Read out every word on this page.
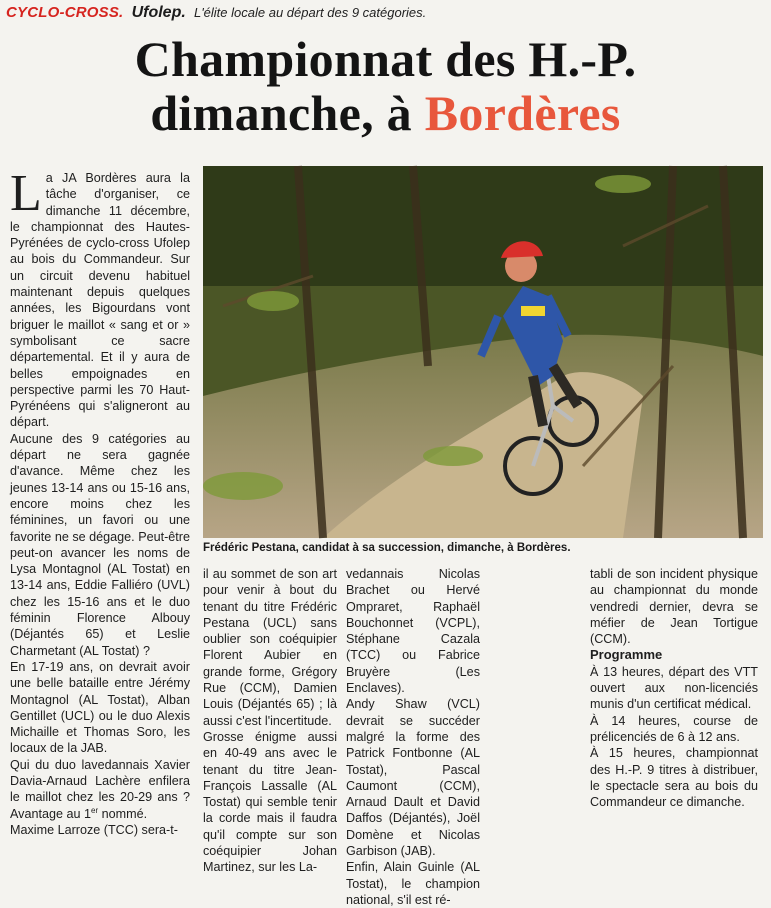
CYCLO-CROSS. Ufolep. L'élite locale au départ des 9 catégories.
Championnat des H.-P.
dimanche, à Bordères

La JA Bordères aura la tâche d'organiser, ce dimanche 11 décembre, le championnat des Hautes-Pyrénées de cyclo-cross Ufolep au bois du Commandeur. Sur un circuit devenu habituel maintenant depuis quelques années, les Bigourdans vont briguer le maillot « sang et or » symbolisant ce sacre départemental. Et il y aura de belles empoignades en perspective parmi les 70 Haut-Pyrénéens qui s'aligneront au départ.

Aucune des 9 catégories au départ ne sera gagnée d'avance. Même chez les jeunes 13-14 ans ou 15-16 ans, encore moins chez les féminines, un favori ou une favorite ne se dégage. Peut-être peut-on avancer les noms de Lysa Montagnol (AL Tostat) en 13-14 ans, Eddie Falliéro (UVL) chez les 15-16 ans et le duo féminin Florence Albouy (Déjantés 65) et Leslie Charmetant (AL Tostat) ?

En 17-19 ans, on devrait avoir une belle bataille entre Jérémy Montagnol (AL Tostat), Alban Gentillet (UCL) ou le duo Alexis Michaille et Thomas Soro, les locaux de la JAB.

Qui du duo lavedannais Xavier Davia-Arnaud Lachère enfilera le maillot chez les 20-29 ans ? Avantage au 1er nommé.

Maxime Larroze (TCC) sera-t-

Frédéric Pestana, candidat à sa succession, dimanche, à Bordères.

il au sommet de son art pour venir à bout du tenant du titre Frédéric Pestana (UCL) sans oublier son coéquipier Florent Aubier en grande forme, Grégory Rue (CCM), Damien Louis (Déjantés 65) ; là aussi c'est l'incertitude.

Grosse énigme aussi en 40-49 ans avec le tenant du titre Jean-François Lassalle (AL Tostat) qui semble tenir la corde mais il faudra qu'il compte sur son coéquipier Johan Martinez, sur les La-

vedannais Nicolas Brachet ou Hervé Ompraret, Raphaël Bouchonnet (VCPL), Stéphane Cazala (TCC) ou Fabrice Bruyère (Les Enclaves).

Andy Shaw (VCL) devrait se succéder malgré la forme des Patrick Fontbonne (AL Tostat), Pascal Caumont (CCM), Arnaud Dault et David Daffos (Déjantés), Joël Domène et Nicolas Garbison (JAB).

Enfin, Alain Guinle (AL Tostat), le champion national, s'il est ré-

tabli de son incident physique au championnat du monde vendredi dernier, devra se méfier de Jean Tortigue (CCM).

Programme

À 13 heures, départ des VTT ouvert aux non-licenciés munis d'un certificat médical.

À 14 heures, course de prélicenciés de 6 à 12 ans.

À 15 heures, championnat des H.-P. 9 titres à distribuer, le spectacle sera au bois du Commandeur ce dimanche.
